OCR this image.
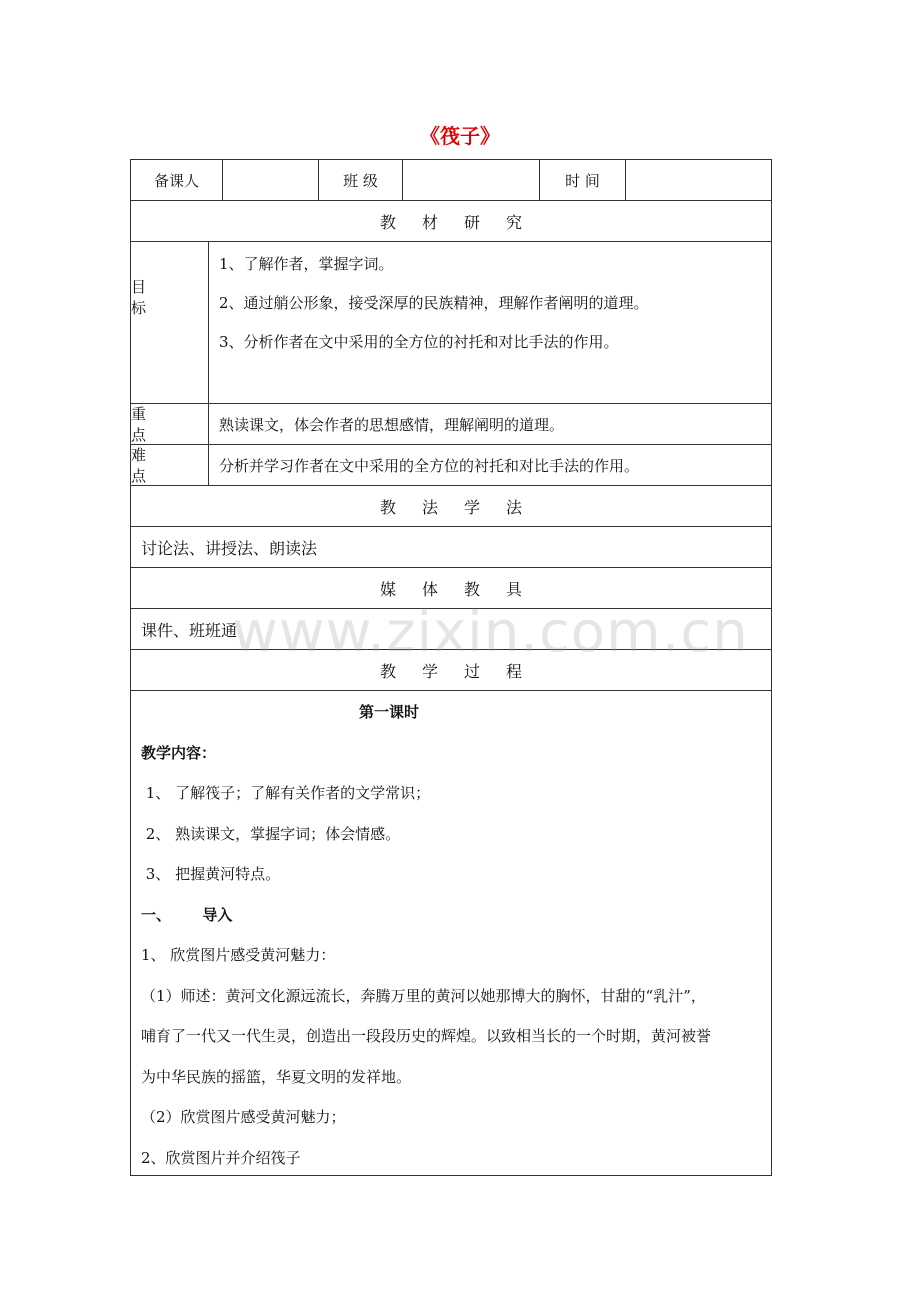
《筏子》
备课人	班 级	时 间
教材研究
目 标
1、了解作者，掌握字词。
2、通过艄公形象，接受深厚的民族精神，理解作者阐明的道理。
3、分析作者在文中采用的全方位的衬托和对比手法的作用。
重 点
熟读课文，体会作者的思想感情，理解阐明的道理。
难 点
分析并学习作者在文中采用的全方位的衬托和对比手法的作用。
教法学法
讨论法、讲授法、朗读法
媒体教具
课件、班班通
教学过程
第一课时
教学内容：
1、 了解筏子；了解有关作者的文学常识；
2、 熟读课文，掌握字词；体会情感。
3、 把握黄河特点。
一、      导入
1、 欣赏图片感受黄河魅力：
（1）师述：黄河文化源远流长，奔腾万里的黄河以她那博大的胸怀，甘甜的“乳汁”，
哺育了一代又一代生灵，创造出一段段历史的辉煌。以致相当长的一个时期，黄河被誉
为中华民族的摇篮，华夏文明的发祥地。
（2）欣赏图片感受黄河魅力；
2、欣赏图片并介绍筏子
www.zixin.com.cn
